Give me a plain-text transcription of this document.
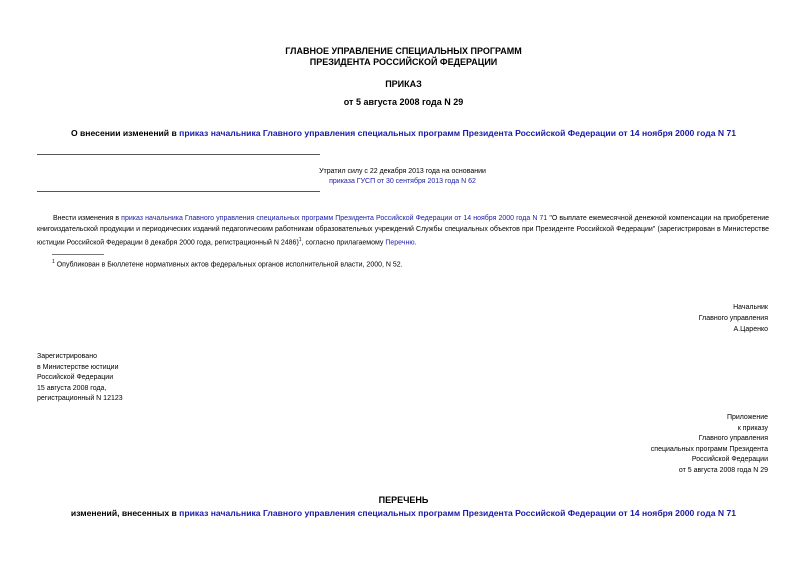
ГЛАВНОЕ УПРАВЛЕНИЕ СПЕЦИАЛЬНЫХ ПРОГРАММ
ПРЕЗИДЕНТА РОССИЙСКОЙ ФЕДЕРАЦИИ
ПРИКАЗ
от 5 августа 2008 года N 29
О внесении изменений в приказ начальника Главного управления специальных программ Президента Российской Федерации от 14 ноября 2000 года N 71
Утратил силу с 22 декабря 2013 года на основании
приказа ГУСП от 30 сентября 2013 года N 62
Внести изменения в приказ начальника Главного управления специальных программ Президента Российской Федерации от 14 ноября 2000 года N 71 "О выплате ежемесячной денежной компенсации на приобретение книгоиздательской продукции и периодических изданий педагогическим работникам образовательных учреждений Службы специальных объектов при Президенте Российской Федерации" (зарегистрирован в Министерстве юстиции Российской Федерации 8 декабря 2000 года, регистрационный N 2486)$^1$, согласно прилагаемому Перечню.
$^1$ Опубликован в Бюллетене нормативных актов федеральных органов исполнительной власти, 2000, N 52.
Начальник
Главного управления
А.Царенко
Зарегистрировано
в Министерстве юстиции
Российской Федерации
15 августа 2008 года,
регистрационный N 12123
Приложение
к приказу
Главного управления
специальных программ Президента
Российской Федерации
от 5 августа 2008 года N 29
ПЕРЕЧЕНЬ
изменений, внесенных в приказ начальника Главного управления специальных программ Президента Российской Федерации от 14 ноября 2000 года N 71
